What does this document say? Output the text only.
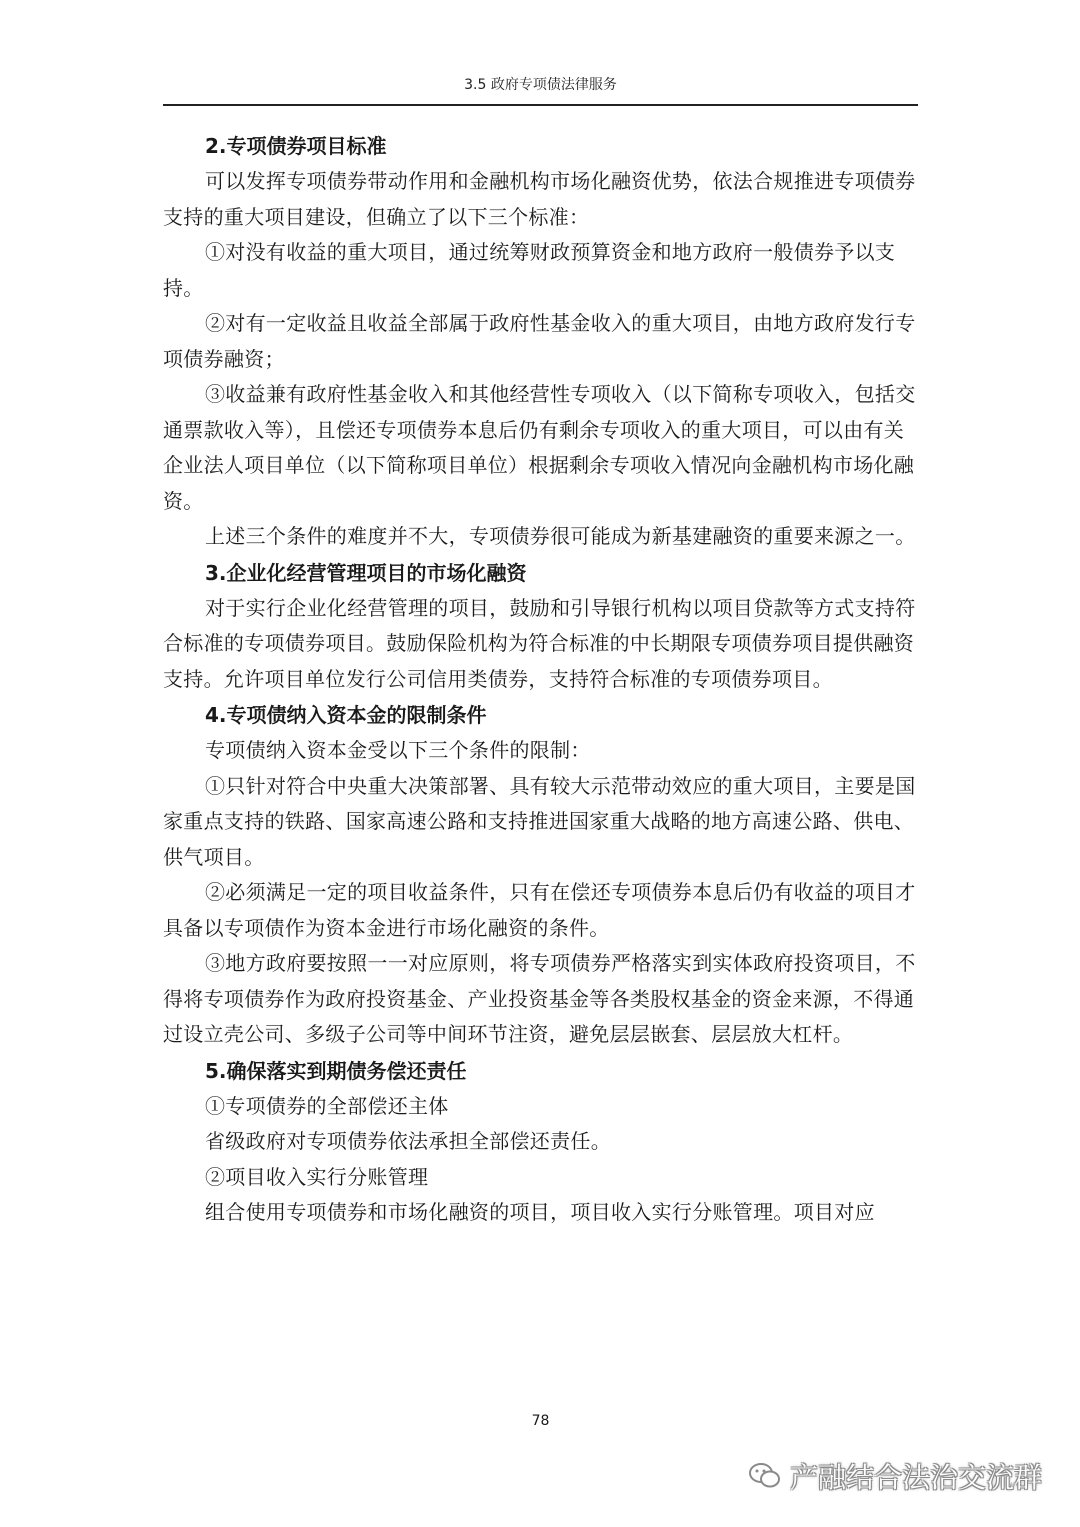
3.5 政府专项债法律服务

2.专项债券项目标准

可以发挥专项债券带动作用和金融机构市场化融资优势，依法合规推进专项债券支持的重大项目建设，但确立了以下三个标准：

①对没有收益的重大项目，通过统筹财政预算资金和地方政府一般债券予以支持。

②对有一定收益且收益全部属于政府性基金收入的重大项目，由地方政府发行专项债券融资；

③收益兼有政府性基金收入和其他经营性专项收入（以下简称专项收入，包括交通票款收入等），且偿还专项债券本息后仍有剩余专项收入的重大项目，可以由有关企业法人项目单位（以下简称项目单位）根据剩余专项收入情况向金融机构市场化融资。

上述三个条件的难度并不大，专项债券很可能成为新基建融资的重要来源之一。

3.企业化经营管理项目的市场化融资

对于实行企业化经营管理的项目，鼓励和引导银行机构以项目贷款等方式支持符合标准的专项债券项目。鼓励保险机构为符合标准的中长期限专项债券项目提供融资支持。允许项目单位发行公司信用类债券，支持符合标准的专项债券项目。

4.专项债纳入资本金的限制条件

专项债纳入资本金受以下三个条件的限制：

①只针对符合中央重大决策部署、具有较大示范带动效应的重大项目，主要是国家重点支持的铁路、国家高速公路和支持推进国家重大战略的地方高速公路、供电、供气项目。

②必须满足一定的项目收益条件，只有在偿还专项债券本息后仍有收益的项目才具备以专项债作为资本金进行市场化融资的条件。

③地方政府要按照一一对应原则，将专项债券严格落实到实体政府投资项目，不得将专项债券作为政府投资基金、产业投资基金等各类股权基金的资金来源，不得通过设立壳公司、多级子公司等中间环节注资，避免层层嵌套、层层放大杠杆。

5.确保落实到期债务偿还责任

①专项债券的全部偿还主体

省级政府对专项债券依法承担全部偿还责任。

②项目收入实行分账管理

组合使用专项债券和市场化融资的项目，项目收入实行分账管理。项目对应

78
产融结合法治交流群
